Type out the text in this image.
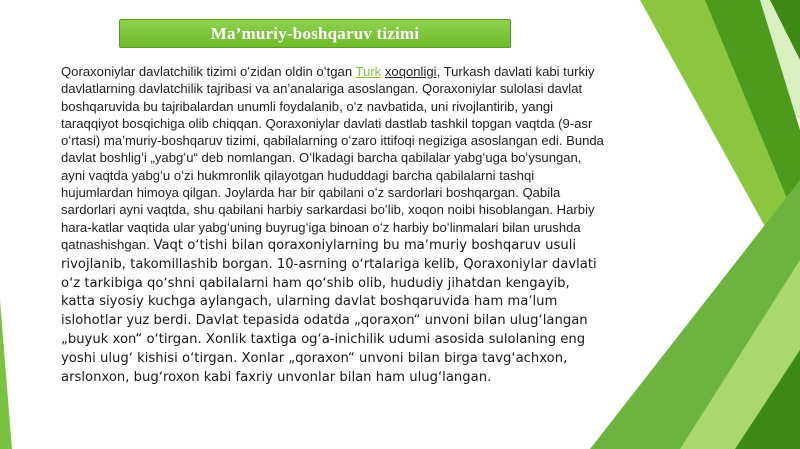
Ma’muriy-boshqaruv tizimi

Qoraxoniylar davlatchilik tizimi oʻzidan oldin oʻtgan Turk xoqonligi, Turkash davlati kabi turkiy davlatlarning davlatchilik tajribasi va anʼanalariga asoslangan. Qoraxoniylar sulolasi davlat boshqaruvida bu tajribalardan unumli foydalanib, oʻz navbatida, uni rivojlantirib, yangi taraqqiyot bosqichiga olib chiqqan. Qoraxoniylar davlati dastlab tashkil topgan vaqtda (9-asr oʻrtasi) maʼmuriy-boshqaruv tizimi, qabilalarning oʻzaro ittifoqi negiziga asoslangan edi. Bunda davlat boshligʻi „yabgʻu“ deb nomlangan. Oʻlkadagi barcha qabilalar yabgʻuga boʻysungan, ayni vaqtda yabgʻu oʻzi hukmronlik qilayotgan hududdagi barcha qabilalarni tashqi hujumlardan himoya qilgan. Joylarda har bir qabilani oʻz sardorlari boshqargan. Qabila sardorlari ayni vaqtda, shu qabilani harbiy sarkardasi boʻlib, xoqon noibi hisoblangan. Harbiy hara-katlar vaqtida ular yabgʻuning buyrugʻiga binoan oʻz harbiy boʻlinmalari bilan urushda qatnashishgan. Vaqt oʻtishi bilan qoraxoniylarning bu maʼmuriy boshqaruv usuli rivojlanib, takomillashib borgan. 10-asrning oʻrtalariga kelib, Qoraxoniylar davlati oʻz tarkibiga qoʻshni qabilalarni ham qoʻshib olib, hududiy jihatdan kengayib, katta siyosiy kuchga aylangach, ularning davlat boshqaruvida ham maʼlum islohotlar yuz berdi. Davlat tepasida odatda „qoraxon“ unvoni bilan ulugʻlangan „buyuk xon“ oʻtirgan. Xonlik taxtiga ogʻa-inichilik udumi asosida sulolaning eng yoshi ulugʻ kishisi oʻtirgan. Xonlar „qoraxon“ unvoni bilan birga tavgʻachxon, arslonxon, bugʻroxon kabi faxriy unvonlar bilan ham ulugʻlangan.
